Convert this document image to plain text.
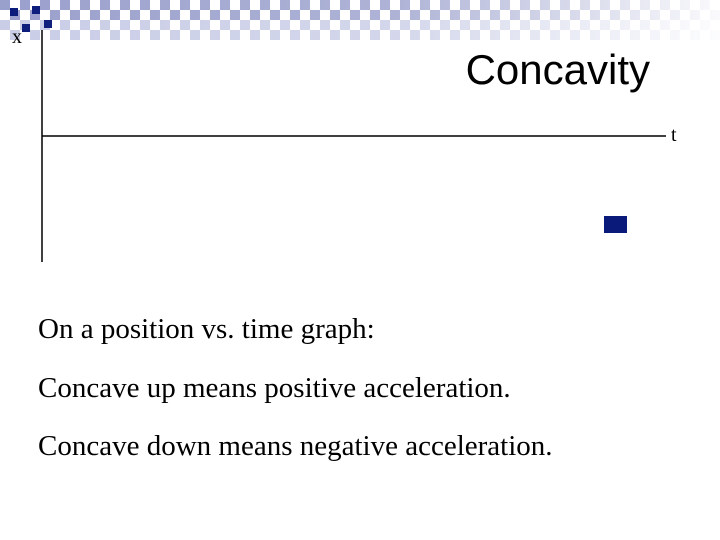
x
t
Concavity
On a position vs. time graph:
Concave up means positive acceleration.
Concave down means negative acceleration.
